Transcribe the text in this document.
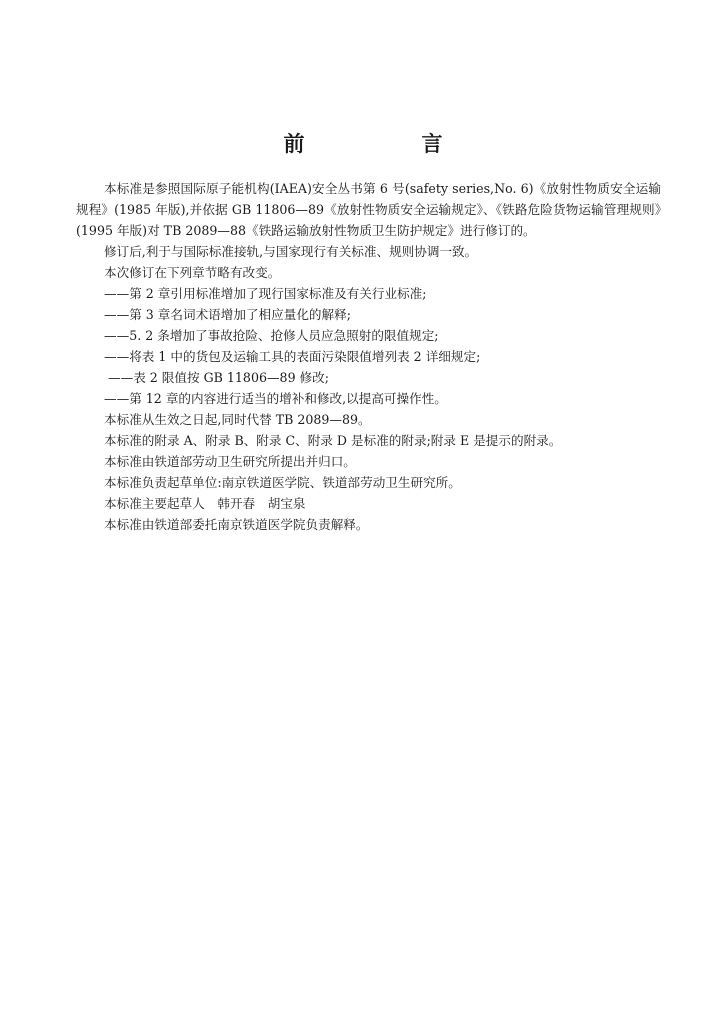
前　言

本标准是参照国际原子能机构(IAEA)安全丛书第 6 号(safety series,No. 6)《放射性物质安全运输规程》(1985 年版),并依据 GB 11806—89《放射性物质安全运输规定》、《铁路危险货物运输管理规则》(1995 年版)对 TB 2089—88《铁路运输放射性物质卫生防护规定》进行修订的。

修订后,利于与国际标准接轨,与国家现行有关标准、规则协调一致。
本次修订在下列章节略有改变。
——第 2 章引用标准增加了现行国家标准及有关行业标准;
——第 3 章名词术语增加了相应量化的解释;
——5. 2 条增加了事故抢险、抢修人员应急照射的限值规定;
——将表 1 中的货包及运输工具的表面污染限值增列表 2 详细规定;
——表 2 限值按 GB 11806—89 修改;
——第 12 章的内容进行适当的增补和修改,以提高可操作性。
本标准从生效之日起,同时代替 TB 2089—89。
本标准的附录 A、附录 B、附录 C、附录 D 是标准的附录;附录 E 是提示的附录。
本标准由铁道部劳动卫生研究所提出并归口。
本标准负责起草单位:南京铁道医学院、铁道部劳动卫生研究所。
本标准主要起草人　韩开春　胡宝泉
本标准由铁道部委托南京铁道医学院负责解释。
